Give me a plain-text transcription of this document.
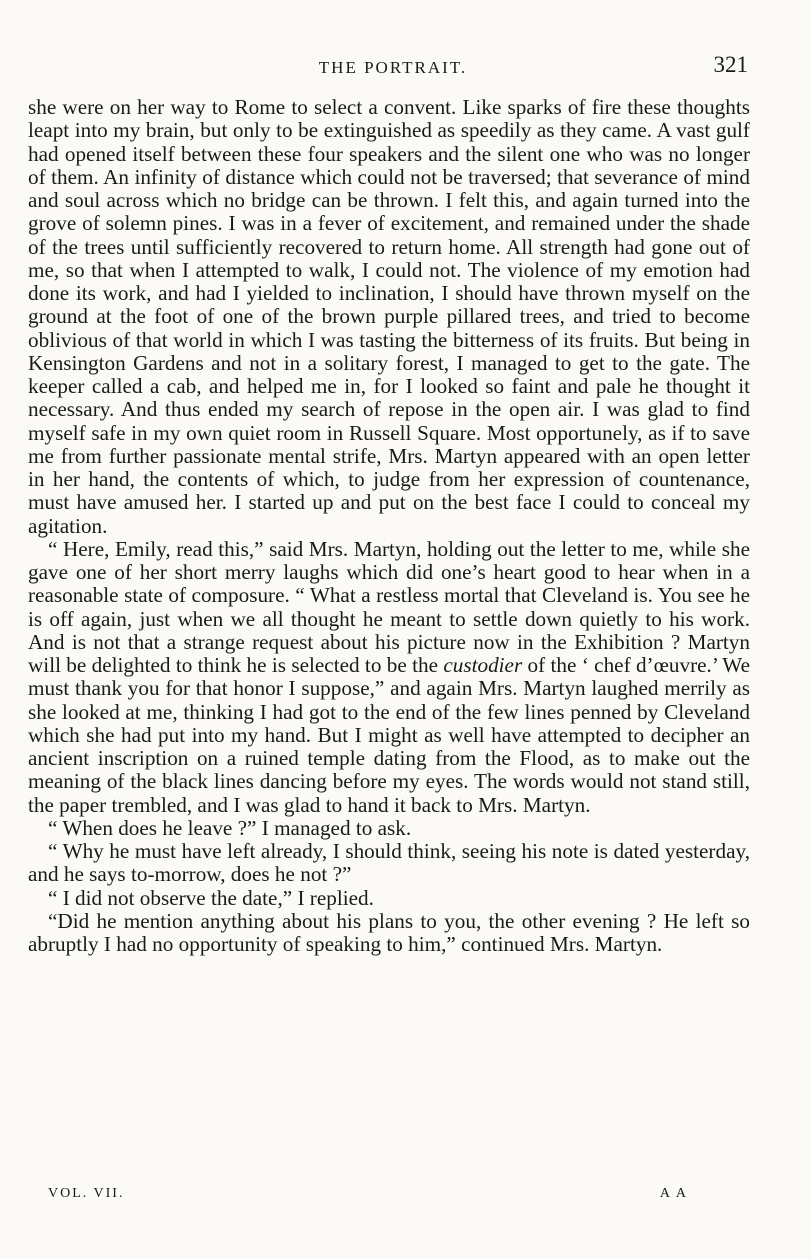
THE PORTRAIT.	321

she were on her way to Rome to select a convent. Like sparks of fire these thoughts leapt into my brain, but only to be extinguished as speedily as they came. A vast gulf had opened itself between these four speakers and the silent one who was no longer of them. An infinity of distance which could not be traversed; that severance of mind and soul across which no bridge can be thrown. I felt this, and again turned into the grove of solemn pines. I was in a fever of excitement, and remained under the shade of the trees until sufficiently recovered to return home. All strength had gone out of me, so that when I attempted to walk, I could not. The violence of my emotion had done its work, and had I yielded to inclination, I should have thrown myself on the ground at the foot of one of the brown purple pillared trees, and tried to become oblivious of that world in which I was tasting the bitterness of its fruits. But being in Kensington Gardens and not in a solitary forest, I managed to get to the gate. The keeper called a cab, and helped me in, for I looked so faint and pale he thought it necessary. And thus ended my search of repose in the open air. I was glad to find myself safe in my own quiet room in Russell Square. Most opportunely, as if to save me from further passionate mental strife, Mrs. Martyn appeared with an open letter in her hand, the contents of which, to judge from her expression of countenance, must have amused her. I started up and put on the best face I could to conceal my agitation.

“ Here, Emily, read this,” said Mrs. Martyn, holding out the letter to me, while she gave one of her short merry laughs which did one’s heart good to hear when in a reasonable state of composure. “ What a restless mortal that Cleveland is. You see he is off again, just when we all thought he meant to settle down quietly to his work. And is not that a strange request about his picture now in the Exhibition ? Martyn will be delighted to think he is selected to be the custodier of the ‘ chef d’œuvre.’ We must thank you for that honor I suppose,” and again Mrs. Martyn laughed merrily as she looked at me, thinking I had got to the end of the few lines penned by Cleveland which she had put into my hand. But I might as well have attempted to decipher an ancient inscription on a ruined temple dating from the Flood, as to make out the meaning of the black lines dancing before my eyes. The words would not stand still, the paper trembled, and I was glad to hand it back to Mrs. Martyn.

“ When does he leave ?” I managed to ask.

“ Why he must have left already, I should think, seeing his note is dated yesterday, and he says to-morrow, does he not ?”

“ I did not observe the date,” I replied.

“Did he mention anything about his plans to you, the other evening ? He left so abruptly I had no opportunity of speaking to him,” continued Mrs. Martyn.

VOL. VII.	A A
